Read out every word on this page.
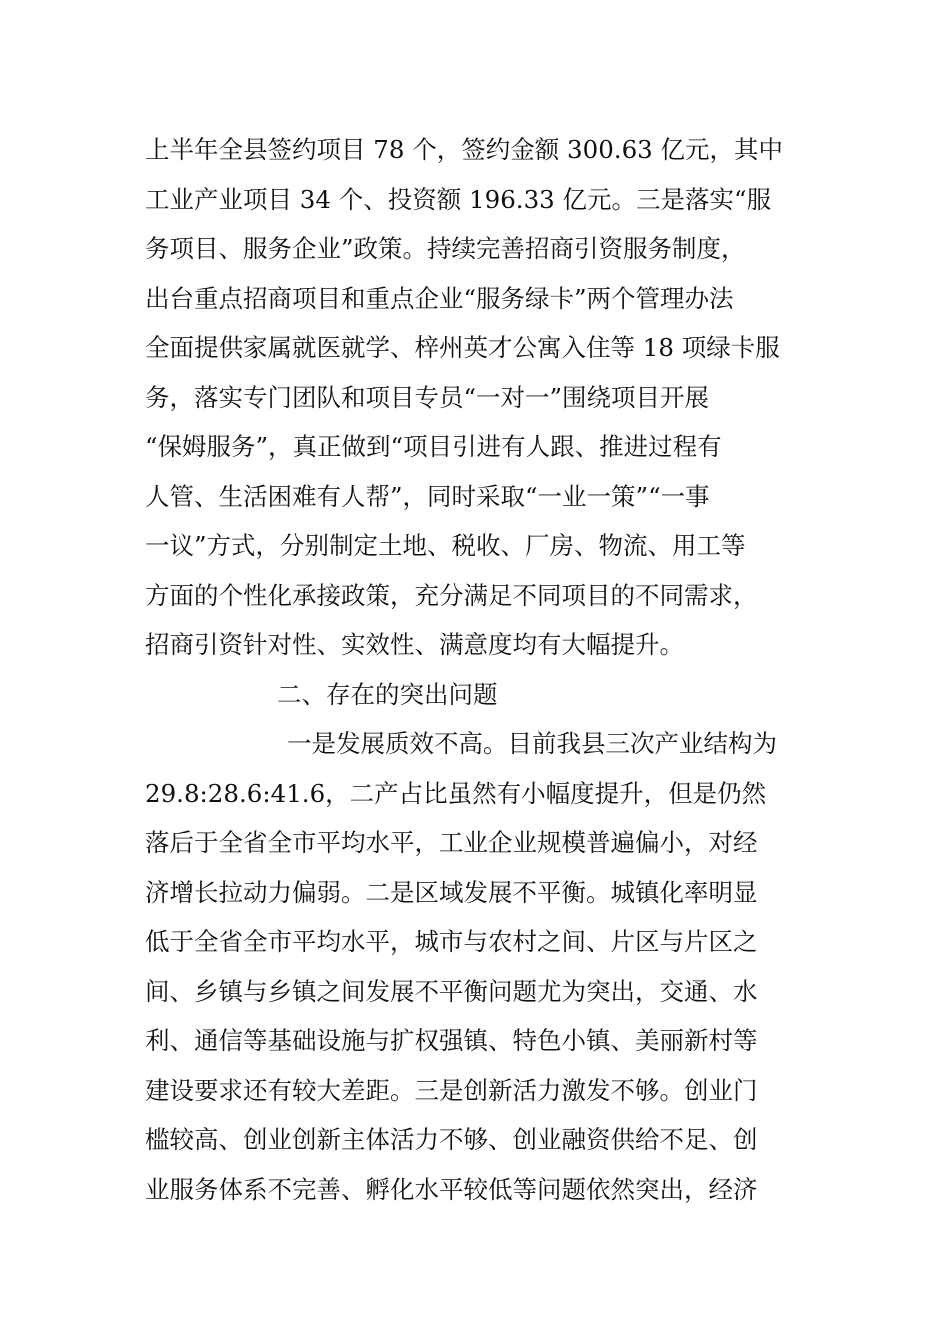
上半年全县签约项目 78 个，签约金额 300.63 亿元，其中
工业产业项目 34 个、投资额 196.33 亿元。三是落实“服
务项目、服务企业”政策。持续完善招商引资服务制度，
出台重点招商项目和重点企业“服务绿卡”两个管理办法
全面提供家属就医就学、梓州英才公寓入住等 18 项绿卡服
务，落实专门团队和项目专员“一对一”围绕项目开展
“保姆服务”，真正做到“项目引进有人跟、推进过程有
人管、生活困难有人帮”，同时采取“一业一策”“一事
一议”方式，分别制定土地、税收、厂房、物流、用工等
方面的个性化承接政策，充分满足不同项目的不同需求，
招商引资针对性、实效性、满意度均有大幅提升。
二、存在的突出问题
一是发展质效不高。目前我县三次产业结构为
29.8:28.6:41.6，二产占比虽然有小幅度提升，但是仍然
落后于全省全市平均水平，工业企业规模普遍偏小，对经
济增长拉动力偏弱。二是区域发展不平衡。城镇化率明显
低于全省全市平均水平，城市与农村之间、片区与片区之
间、乡镇与乡镇之间发展不平衡问题尤为突出，交通、水
利、通信等基础设施与扩权强镇、特色小镇、美丽新村等
建设要求还有较大差距。三是创新活力激发不够。创业门
槛较高、创业创新主体活力不够、创业融资供给不足、创
业服务体系不完善、孵化水平较低等问题依然突出，经济
